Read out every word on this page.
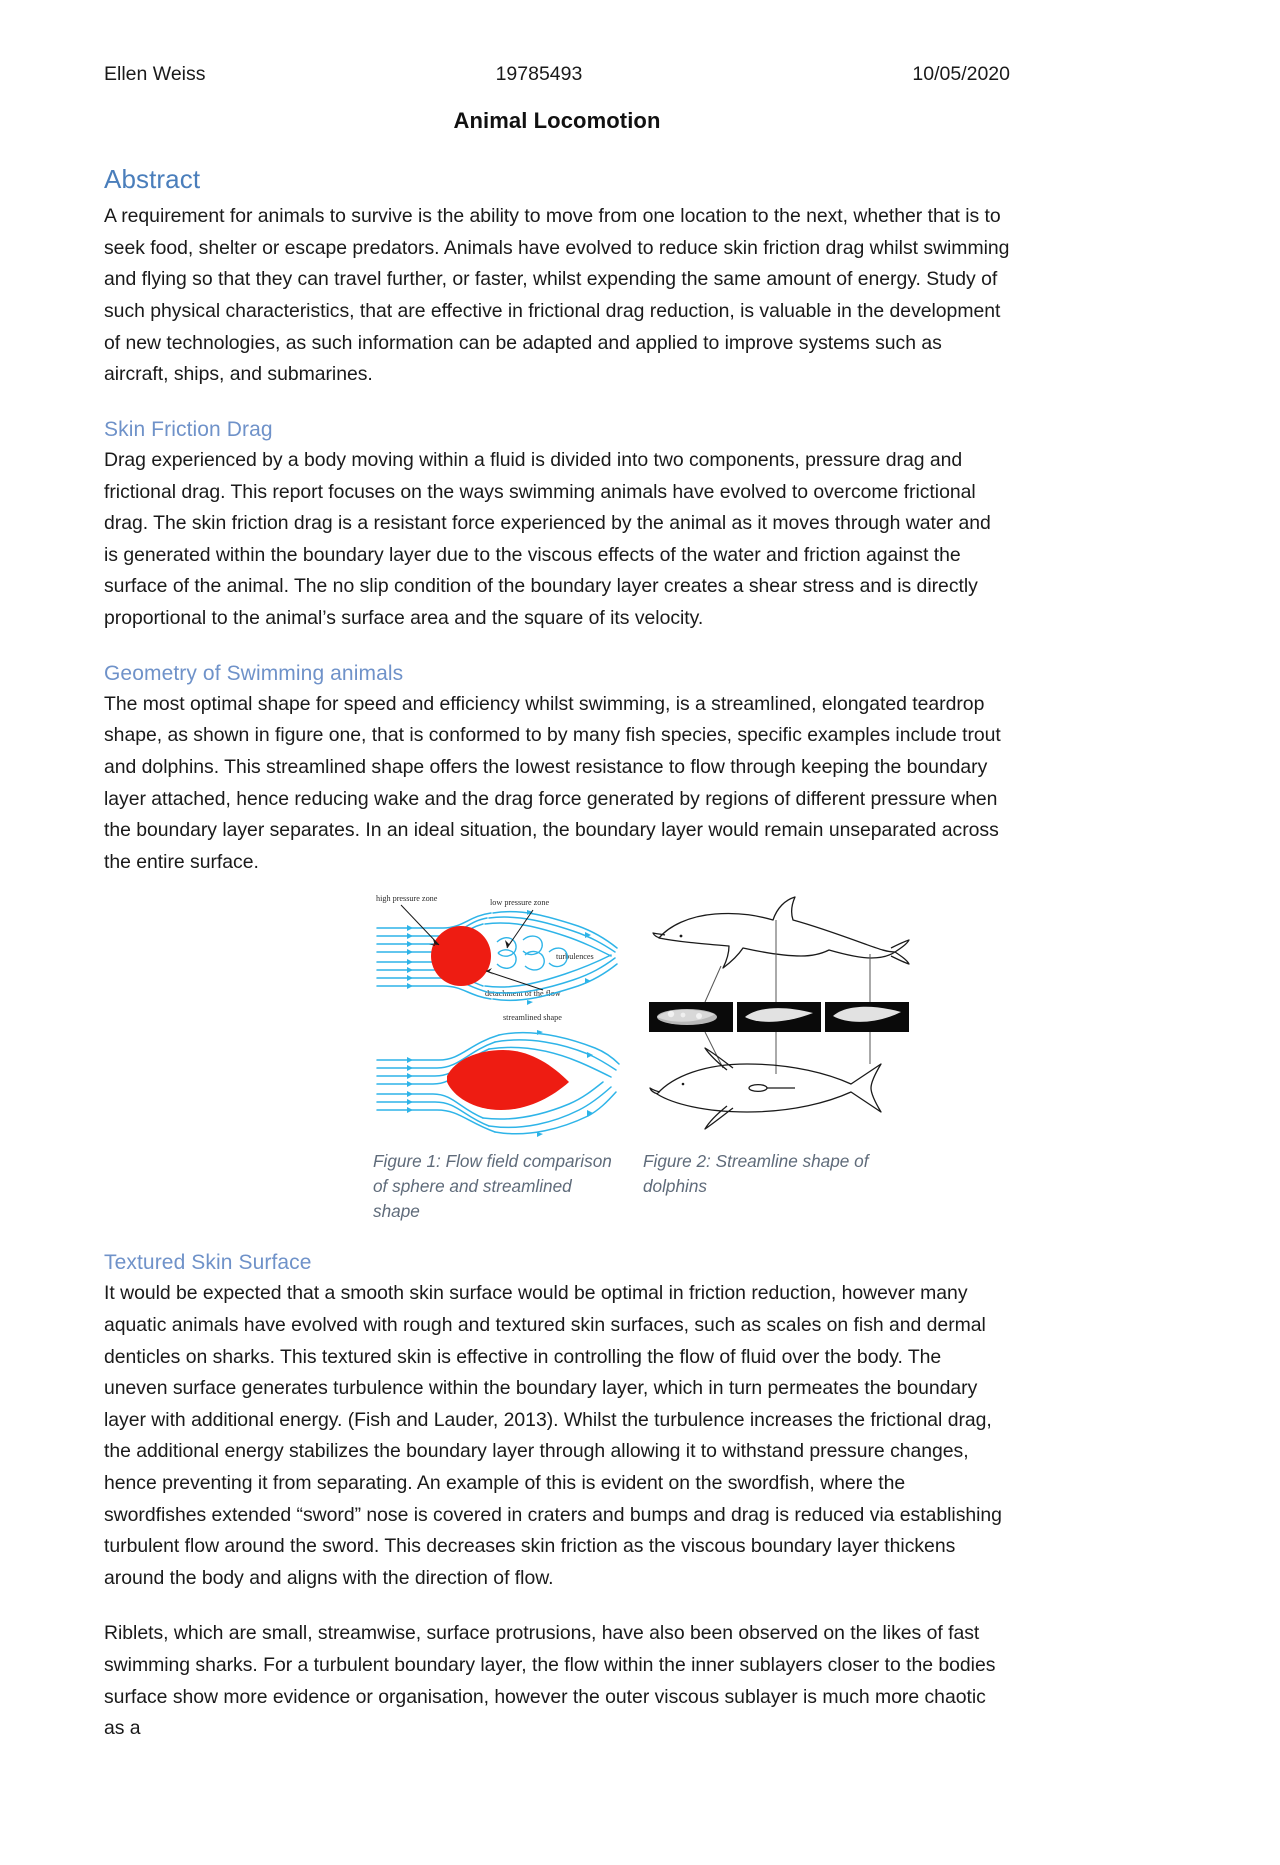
Ellen Weiss	19785493	10/05/2020
Animal Locomotion
Abstract

A requirement for animals to survive is the ability to move from one location to the next, whether that is to seek food, shelter or escape predators. Animals have evolved to reduce skin friction drag whilst swimming and flying so that they can travel further, or faster, whilst expending the same amount of energy. Study of such physical characteristics, that are effective in frictional drag reduction, is valuable in the development of new technologies, as such information can be adapted and applied to improve systems such as aircraft, ships, and submarines.

Skin Friction Drag

Drag experienced by a body moving within a fluid is divided into two components, pressure drag and frictional drag. This report focuses on the ways swimming animals have evolved to overcome frictional drag. The skin friction drag is a resistant force experienced by the animal as it moves through water and is generated within the boundary layer due to the viscous effects of the water and friction against the surface of the animal. The no slip condition of the boundary layer creates a shear stress and is directly proportional to the animal’s surface area and the square of its velocity.

Geometry of Swimming animals

The most optimal shape for speed and efficiency whilst swimming, is a streamlined, elongated teardrop shape, as shown in figure one, that is conformed to by many fish species, specific examples include trout and dolphins. This streamlined shape offers the lowest resistance to flow through keeping the boundary layer attached, hence reducing wake and the drag force generated by regions of different pressure when the boundary layer separates. In an ideal situation, the boundary layer would remain unseparated across the entire surface.

high pressure zone	low pressure zone
turbulences
detachment of the flow
streamlined shape
Figure 1: Flow field comparison of sphere and streamlined shape
Figure 2: Streamline shape of dolphins
Textured Skin Surface

It would be expected that a smooth skin surface would be optimal in friction reduction, however many aquatic animals have evolved with rough and textured skin surfaces, such as scales on fish and dermal denticles on sharks. This textured skin is effective in controlling the flow of fluid over the body. The uneven surface generates turbulence within the boundary layer, which in turn permeates the boundary layer with additional energy. (Fish and Lauder, 2013). Whilst the turbulence increases the frictional drag, the additional energy stabilizes the boundary layer through allowing it to withstand pressure changes, hence preventing it from separating. An example of this is evident on the swordfish, where the swordfishes extended “sword” nose is covered in craters and bumps and drag is reduced via establishing turbulent flow around the sword. This decreases skin friction as the viscous boundary layer thickens around the body and aligns with the direction of flow.

Riblets, which are small, streamwise, surface protrusions, have also been observed on the likes of fast swimming sharks. For a turbulent boundary layer, the flow within the inner sublayers closer to the bodies surface show more evidence or organisation, however the outer viscous sublayer is much more chaotic as a
